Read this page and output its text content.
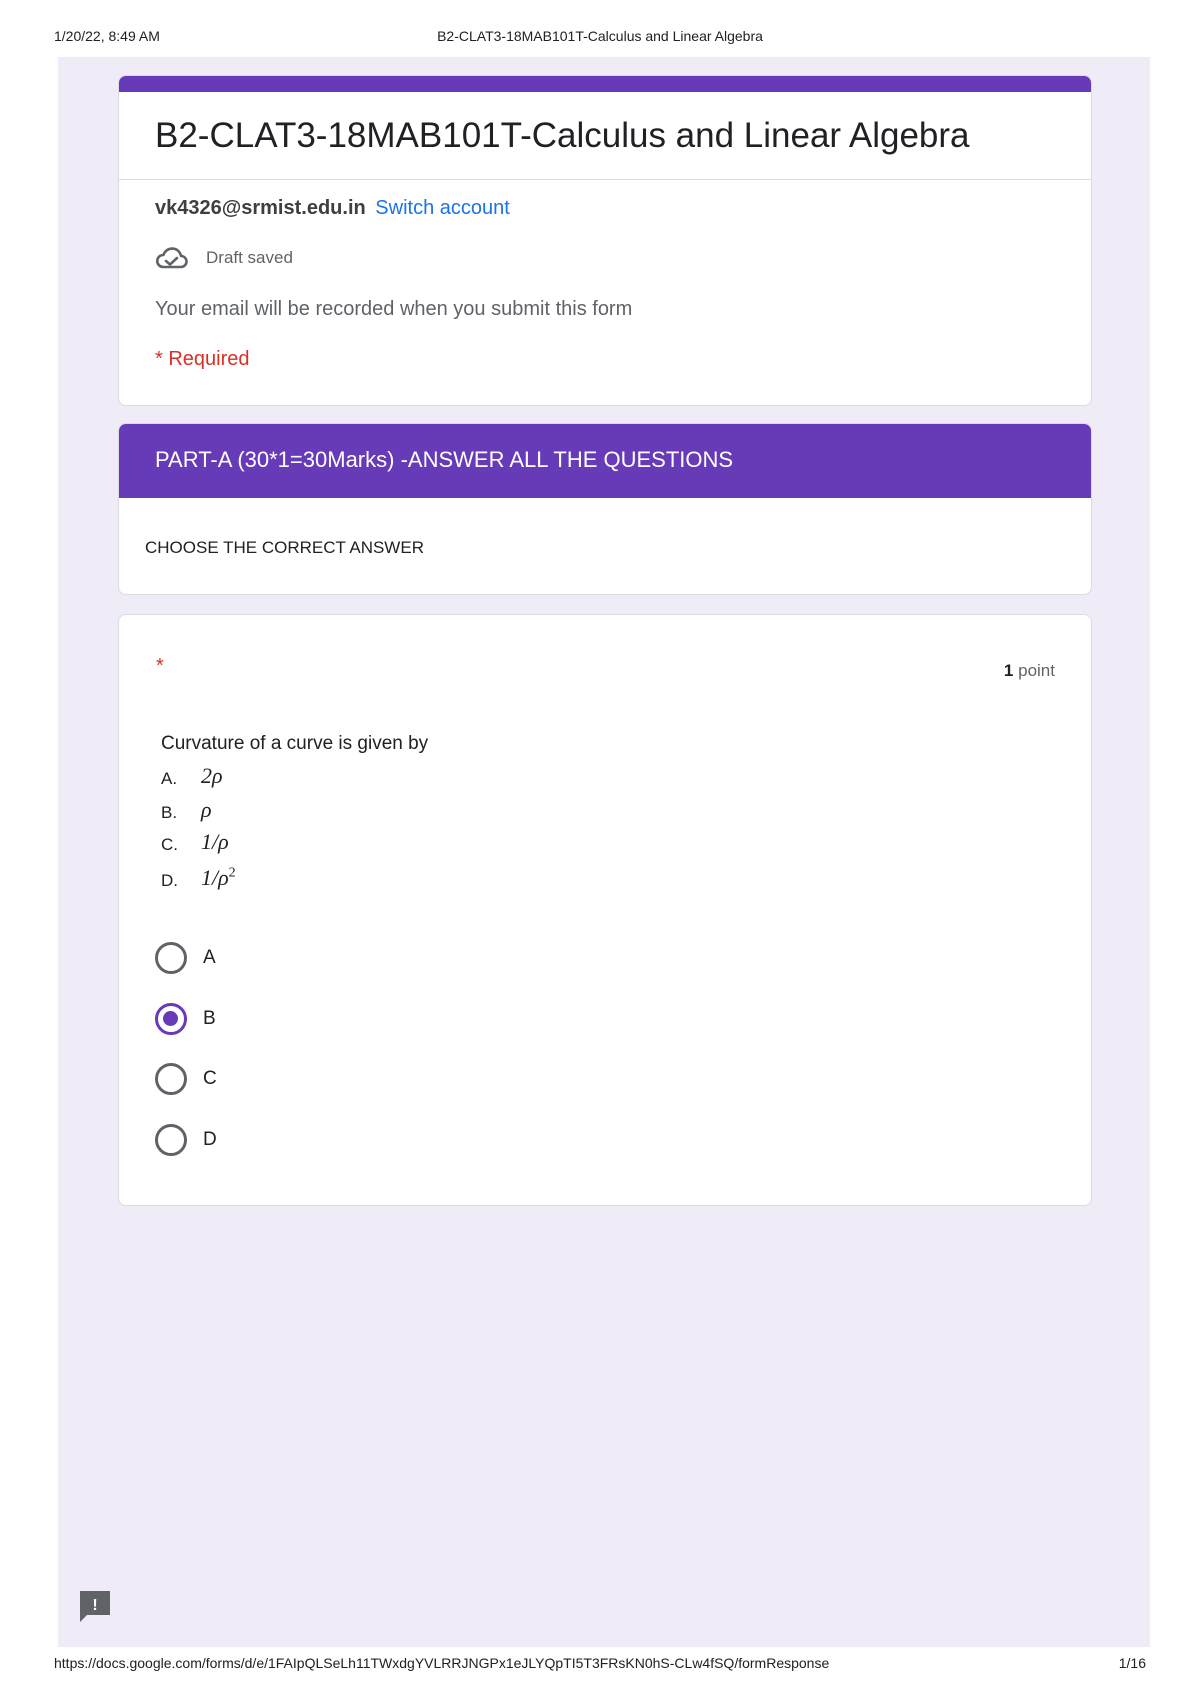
1/20/22, 8:49 AM	B2-CLAT3-18MAB101T-Calculus and Linear Algebra
B2-CLAT3-18MAB101T-Calculus and Linear Algebra
vk4326@srmist.edu.in Switch account
Draft saved
Your email will be recorded when you submit this form
* Required
PART-A (30*1=30Marks) -ANSWER ALL THE QUESTIONS
CHOOSE THE CORRECT ANSWER
*	1 point
Curvature of a curve is given by
A.	2ρ
B.	ρ
C.	1/ρ
D.	$1/\rho^2$
A
B
C
D
!
https://docs.google.com/forms/d/e/1FAIpQLSeLh11TWxdgYVLRRJNGPx1eJLYQpTI5T3FRsKN0hS-CLw4fSQ/formResponse	1/16
